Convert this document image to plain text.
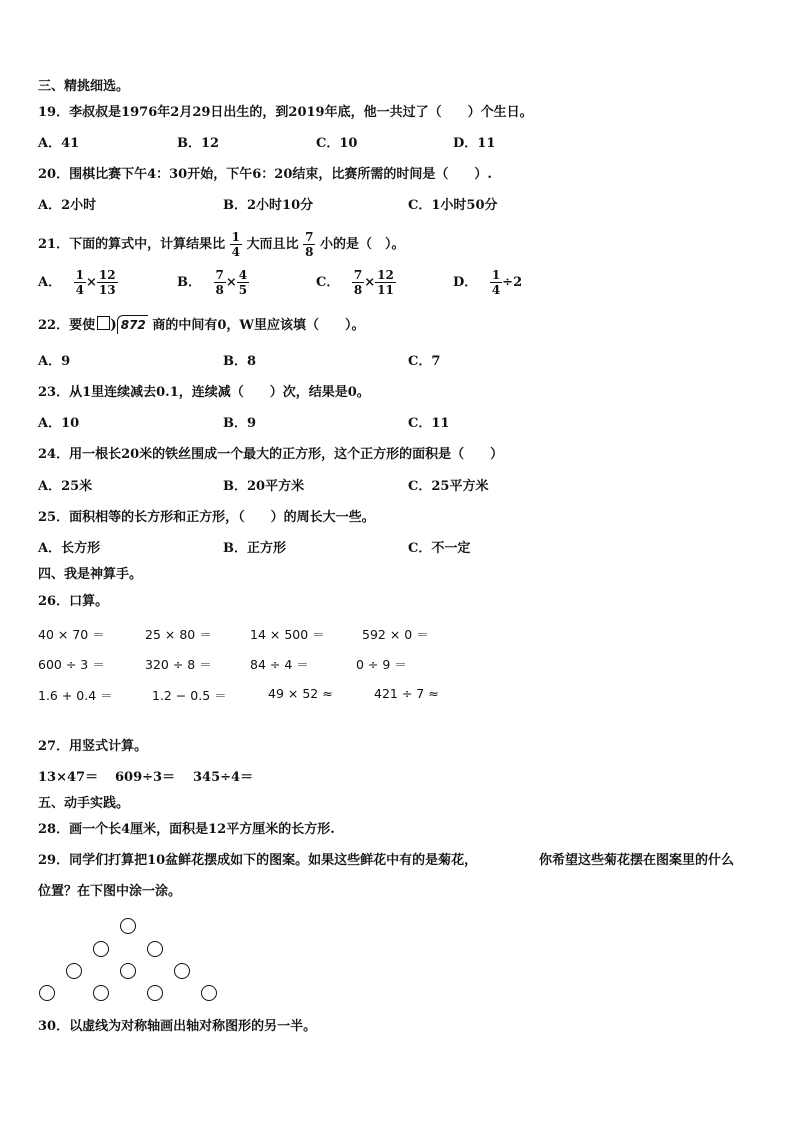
三、精挑细选。
19．李叔叔是1976年2月29日出生的，到2019年底，他一共过了（　　）个生日。
A．41	B．12	C．10	D．11
20．围棋比赛下午4：30开始，下午6：20结束，比赛所需的时间是（　　）.
A．2小时	B．2小时10分	C．1小时50分
21．下面的算式中，计算结果比 $\frac{1}{4}$ 大而且比 $\frac{7}{8}$ 小的是（　）。
A． $\frac{1}{4} \times \frac{12}{13}$	B． $\frac{7}{8} \times \frac{4}{5}$	C． $\frac{7}{8} \times \frac{12}{11}$	D． $\frac{1}{4} \div 2$
22．要使 ) 872 商的中间有0，W里应该填（　　）。
A．9	B．8	C．7
23．从1里连续减去0.1，连续减（　　）次，结果是0。
A．10	B．9	C．11
24．用一根长20米的铁丝围成一个最大的正方形，这个正方形的面积是（　　）
A．25米	B．20平方米	C．25平方米
25．面积相等的长方形和正方形，（　　）的周长大一些。
A．长方形	B．正方形	C．不一定
四、我是神算手。
26．口算。
40 × 70 ＝	25 × 80 ＝	14 × 500 ＝	592 × 0 ＝
600 ÷ 3 ＝	320 ÷ 8 ＝	84 ÷ 4 ＝	0 ÷ 9 ＝
1.6 + 0.4 ＝	1.2 − 0.5 ＝	49 × 52 ≈	421 ÷ 7 ≈
27．用竖式计算。
13×47＝ 609÷3＝ 345÷4＝
五、动手实践。
28．画一个长4厘米，面积是12平方厘米的长方形.
29．同学们打算把10盆鲜花摆成如下的图案。如果这些鲜花中有的是菊花，	你希望这些菊花摆在图案里的什么
位置？在下图中涂一涂。
30．以虚线为对称轴画出轴对称图形的另一半。
